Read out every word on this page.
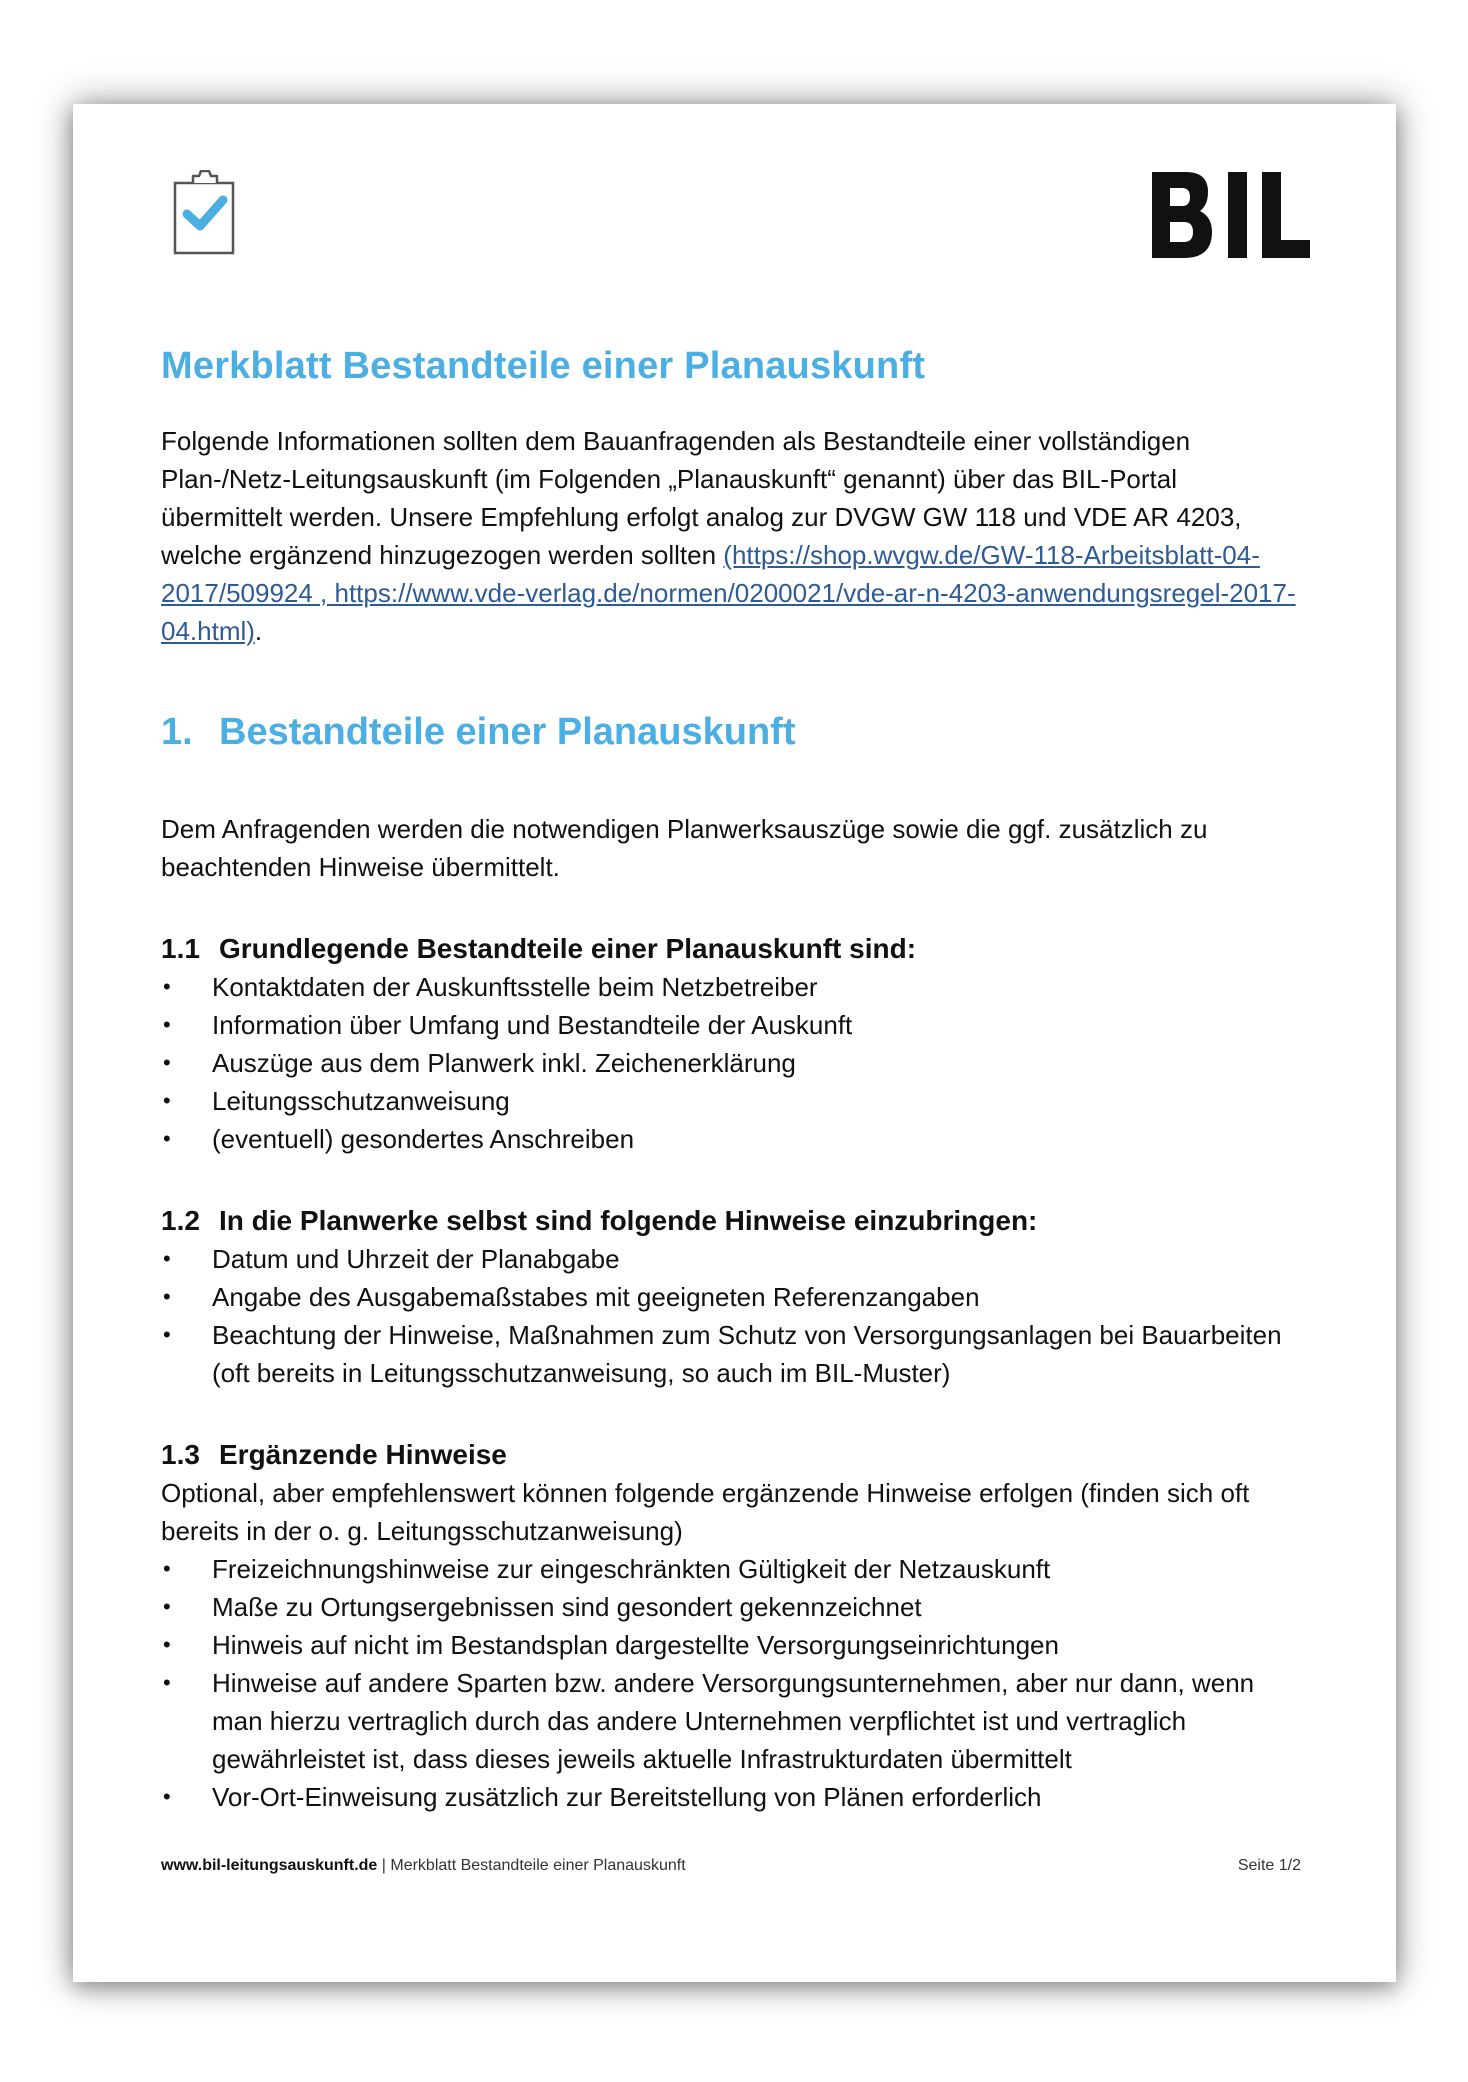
Merkblatt Bestandteile einer Planauskunft

Folgende Informationen sollten dem Bauanfragenden als Bestandteile einer vollständigen Plan-/Netz-Leitungsauskunft (im Folgenden „Planauskunft“ genannt) über das BIL-Portal übermittelt werden. Unsere Empfehlung erfolgt analog zur DVGW GW 118 und VDE AR 4203, welche ergänzend hinzugezogen werden sollten (https://shop.wvgw.de/GW-118-Arbeitsblatt-04-2017/509924 , https://www.vde-verlag.de/normen/0200021/vde-ar-n-4203-anwendungsregel-2017-04.html).

1. Bestandteile einer Planauskunft

Dem Anfragenden werden die notwendigen Planwerksauszüge sowie die ggf. zusätzlich zu beachtenden Hinweise übermittelt.

1.1 Grundlegende Bestandteile einer Planauskunft sind:
• Kontaktdaten der Auskunftsstelle beim Netzbetreiber
• Information über Umfang und Bestandteile der Auskunft
• Auszüge aus dem Planwerk inkl. Zeichenerklärung
• Leitungsschutzanweisung
• (eventuell) gesondertes Anschreiben
1.2 In die Planwerke selbst sind folgende Hinweise einzubringen:
• Datum und Uhrzeit der Planabgabe
• Angabe des Ausgabemaßstabes mit geeigneten Referenzangaben
• Beachtung der Hinweise, Maßnahmen zum Schutz von Versorgungsanlagen bei Bauarbeiten (oft bereits in Leitungsschutzanweisung, so auch im BIL-Muster)
1.3 Ergänzende Hinweise

Optional, aber empfehlenswert können folgende ergänzende Hinweise erfolgen (finden sich oft bereits in der o. g. Leitungsschutzanweisung)

• Freizeichnungshinweise zur eingeschränkten Gültigkeit der Netzauskunft
• Maße zu Ortungsergebnissen sind gesondert gekennzeichnet
• Hinweis auf nicht im Bestandsplan dargestellte Versorgungseinrichtungen
• Hinweise auf andere Sparten bzw. andere Versorgungsunternehmen, aber nur dann, wenn man hierzu vertraglich durch das andere Unternehmen verpflichtet ist und vertraglich gewährleistet ist, dass dieses jeweils aktuelle Infrastrukturdaten übermittelt
• Vor-Ort-Einweisung zusätzlich zur Bereitstellung von Plänen erforderlich
www.bil-leitungsauskunft.de | Merkblatt Bestandteile einer Planauskunft	Seite 1/2
